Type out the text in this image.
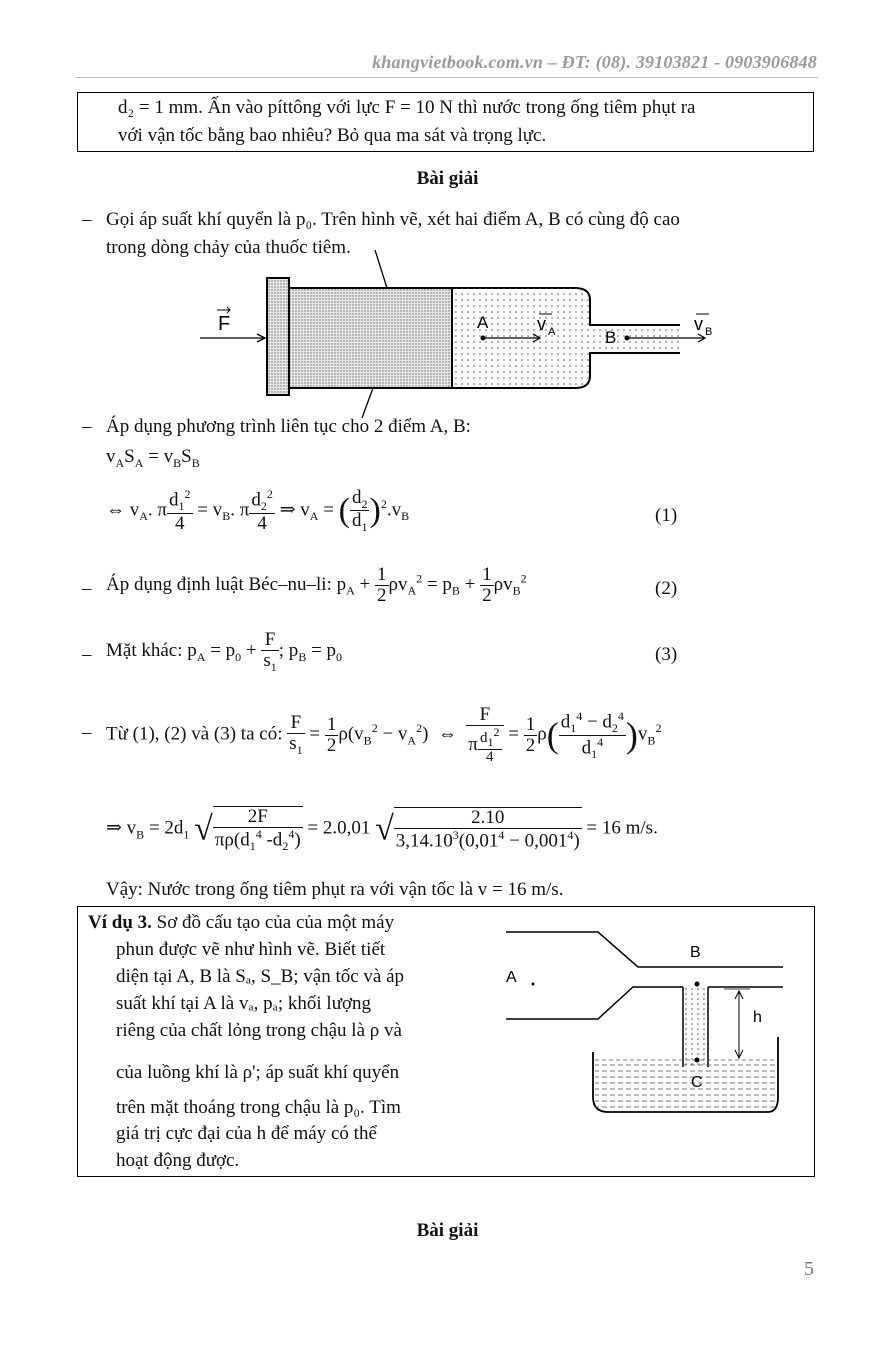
khangvietbook.com.vn – ĐT: (08). 39103821 - 0903906848
d₂ = 1 mm. Ấn vào píttông với lực F = 10 N thì nước trong ống tiêm phụt ra
với vận tốc bằng bao nhiêu? Bỏ qua ma sát và trọng lực.
Bài giải
– Gọi áp suất khí quyển là p₀. Trên hình vẽ, xét hai điểm A, B có cùng độ cao
trong dòng chảy của thuốc tiêm.
F	A	v A	B
v B
– Áp dụng phương trình liên tục cho 2 điểm A, B:
$v_AS_A = v_BS_B$
⇔ $v_A$. π $\frac{d_1^2}{4} = v_B$. π $\frac{d_2^2}{4}$ ⇒ $v_A$ = ( $\frac{d_2}{d_1} )^2.v_B$	(1)
– Áp dụng định luật Béc–nu–li: $p_A + \frac{1}{2} \rho v_A^2 = p_B + \frac{1}{2} \rho v_B^2$	(2)
– Mặt khác: $p_A = p_0 + \frac{F}{s_1}$ ; $p_B = p_0$	(3)
– Từ (1), (2) và (3) ta có: $\frac{F}{s_1} = \frac{1}{2} \rho(v_B^2 - v_A^2)$  ⇔ $\frac{F}{\pi \frac{d_1^2}{4}} = \frac{1}{2} \rho( \frac{d_1^4 - d_2^4}{d_1^4} )v_B^2$
⇒ $v_B = 2d_1$ √ $\frac{2F}{\pi\rho(d_1^4 -d_2^4)} = 2.0,01$ √ $\frac{2.10}{3,14.10^3(0,01^4 - 0,001^4)} = 16$ m/s.
Vậy: Nước trong ống tiêm phụt ra với vận tốc là v = 16 m/s.
Ví dụ 3. Sơ đồ cấu tạo của của một máy
phun được vẽ như hình vẽ. Biết tiết
diện tại A, B là Sₐ, S_B; vận tốc và áp
suất khí tại A là vₐ, pₐ; khối lượng
riêng của chất lỏng trong chậu là ρ và
của luồng khí là ρ'; áp suất khí quyển
trên mặt thoáng trong chậu là p₀. Tìm
giá trị cực đại của h để máy có thể
hoạt động được.
A
B
C
h
Bài giải
5
